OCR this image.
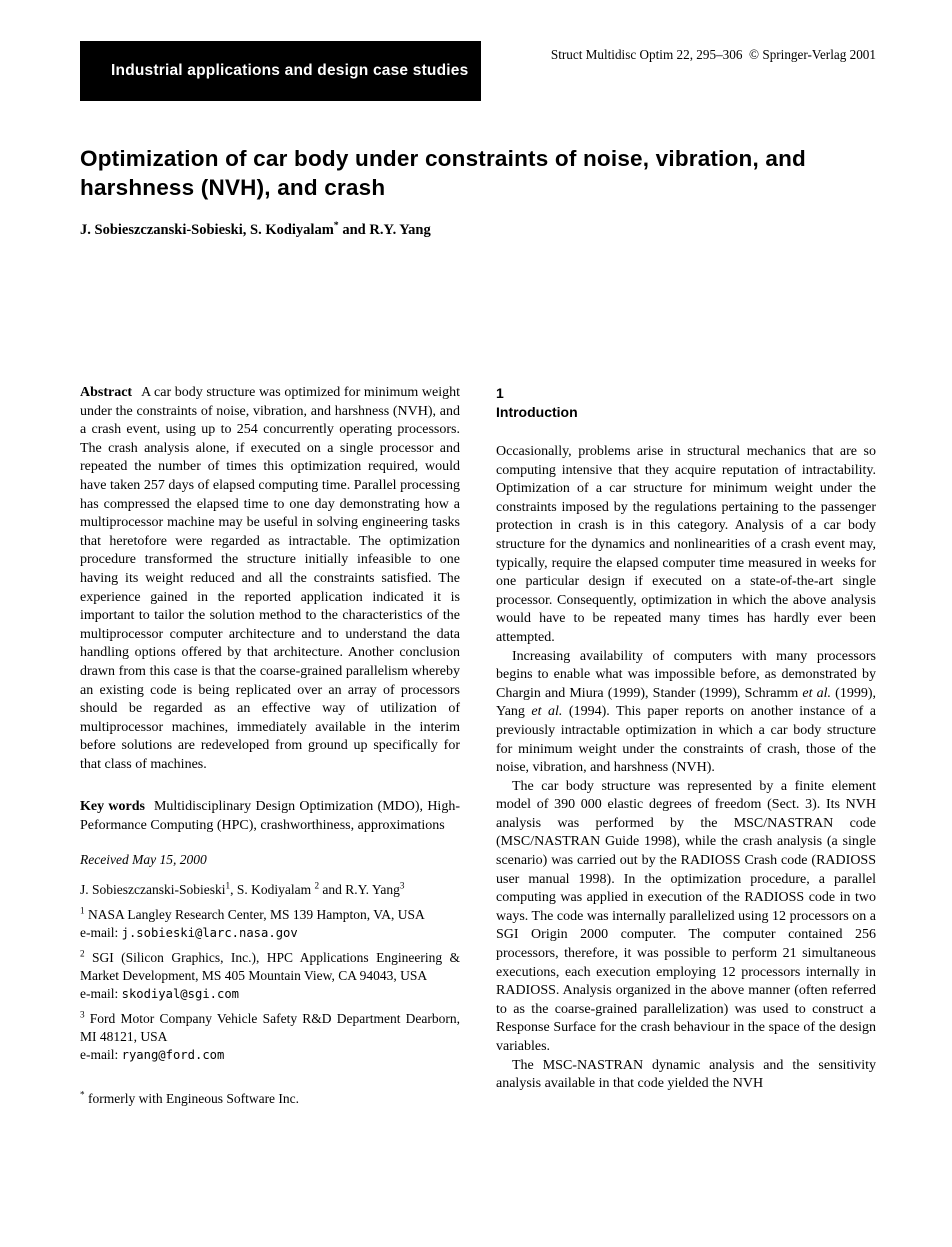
Industrial applications and design case studies

Struct Multidisc Optim 22, 295–306  © Springer-Verlag 2001
Optimization of car body under constraints of noise, vibration, and harshness (NVH), and crash
J. Sobieszczanski-Sobieski, S. Kodiyalam* and R.Y. Yang

Abstract A car body structure was optimized for minimum weight under the constraints of noise, vibration, and harshness (NVH), and a crash event, using up to 254 concurrently operating processors. The crash analysis alone, if executed on a single processor and repeated the number of times this optimization required, would have taken 257 days of elapsed computing time. Parallel processing has compressed the elapsed time to one day demonstrating how a multiprocessor machine may be useful in solving engineering tasks that heretofore were regarded as intractable. The optimization procedure transformed the structure initially infeasible to one having its weight reduced and all the constraints satisfied. The experience gained in the reported application indicated it is important to tailor the solution method to the characteristics of the multiprocessor computer architecture and to understand the data handling options offered by that architecture. Another conclusion drawn from this case is that the coarse-grained parallelism whereby an existing code is being replicated over an array of processors should be regarded as an effective way of utilization of multiprocessor machines, immediately available in the interim before solutions are redeveloped from ground up specifically for that class of machines.

Key words Multidisciplinary Design Optimization (MDO), High-Peformance Computing (HPC), crashworthiness, approximations

Received May 15, 2000

J. Sobieszczanski-Sobieski$^1$, S. Kodiyalam $^2$ and R.Y. Yang$^3$

$^1$ NASA Langley Research Center, MS 139 Hampton, VA, USA
e-mail: j.sobieski@larc.nasa.gov

$^2$ SGI (Silicon Graphics, Inc.), HPC Applications Engineering & Market Development, MS 405 Mountain View, CA 94043, USA
e-mail: skodiyal@sgi.com

$^3$ Ford Motor Company Vehicle Safety R&D Department Dearborn, MI 48121, USA
e-mail: ryang@ford.com

* formerly with Engineous Software Inc.

1
Introduction

Occasionally, problems arise in structural mechanics that are so computing intensive that they acquire reputation of intractability. Optimization of a car structure for minimum weight under the constraints imposed by the regulations pertaining to the passenger protection in crash is in this category. Analysis of a car body structure for the dynamics and nonlinearities of a crash event may, typically, require the elapsed computer time measured in weeks for one particular design if executed on a state-of-the-art single processor. Consequently, optimization in which the above analysis would have to be repeated many times has hardly ever been attempted.

Increasing availability of computers with many processors begins to enable what was impossible before, as demonstrated by Chargin and Miura (1999), Stander (1999), Schramm et al. (1999), Yang et al. (1994). This paper reports on another instance of a previously intractable optimization in which a car body structure for minimum weight under the constraints of crash, those of the noise, vibration, and harshness (NVH).

The car body structure was represented by a finite element model of 390 000 elastic degrees of freedom (Sect. 3). Its NVH analysis was performed by the MSC/NASTRAN code (MSC/NASTRAN Guide 1998), while the crash analysis (a single scenario) was carried out by the RADIOSS Crash code (RADIOSS user manual 1998). In the optimization procedure, a parallel computing was applied in execution of the RADIOSS code in two ways. The code was internally parallelized using 12 processors on a SGI Origin 2000 computer. The computer contained 256 processors, therefore, it was possible to perform 21 simultaneous executions, each execution employing 12 processors internally in RADIOSS. Analysis organized in the above manner (often referred to as the coarse-grained parallelization) was used to construct a Response Surface for the crash behaviour in the space of the design variables.

The MSC-NASTRAN dynamic analysis and the sensitivity analysis available in that code yielded the NVH
